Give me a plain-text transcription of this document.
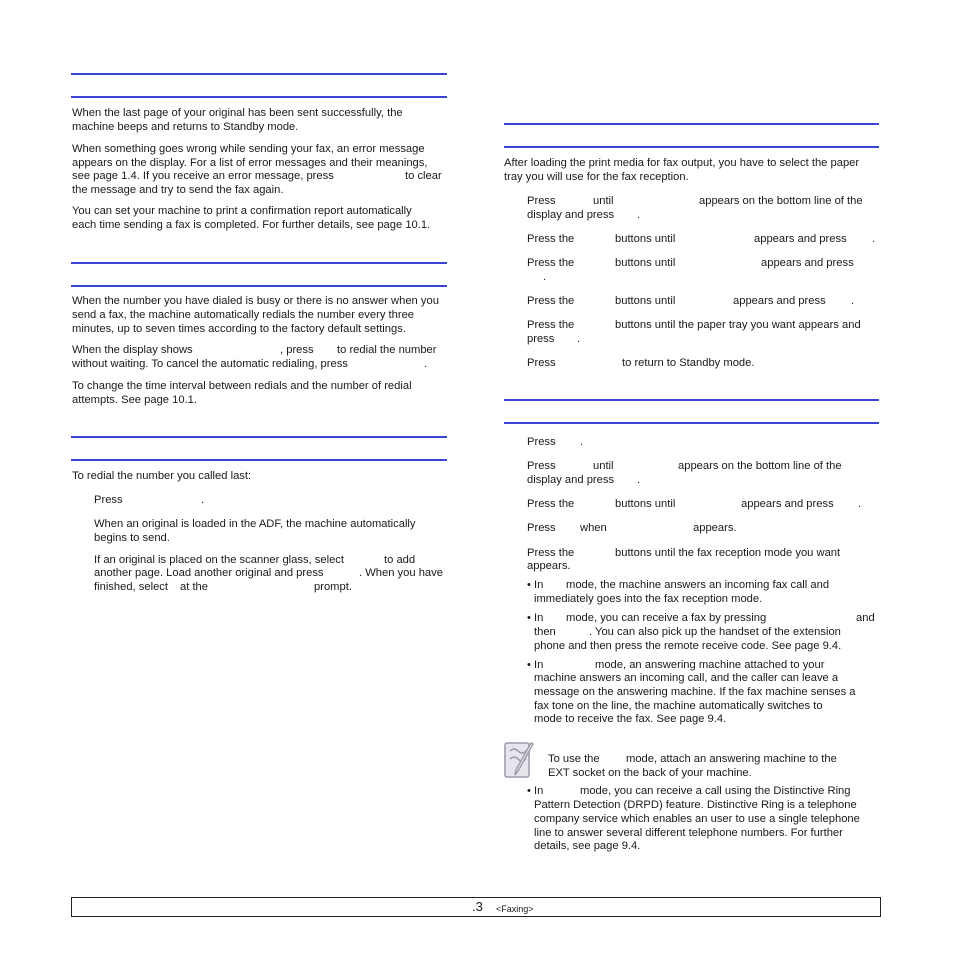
When the last page of your original has been sent successfully, the

machine beeps and returns to Standby mode.

When something goes wrong while sending your fax, an error message

appears on the display. For a list of error messages and their meanings,

see page 1.4. If you receive an error message, press	to clear

the message and try to send the fax again.

You can set your machine to print a confirmation report automatically

each time sending a fax is completed. For further details, see page 10.1.

When the number you have dialed is busy or there is no answer when you

send a fax, the machine automatically redials the number every three

minutes, up to seven times according to the factory default settings.

When the display shows	, press to redial the number

without waiting. To cancel the automatic redialing, press	.

To change the time interval between redials and the number of redial

attempts. See page 10.1.

To redial the number you called last:

Press	.

When an original is loaded in the ADF, the machine automatically

begins to send.

If an original is placed on the scanner glass, select	to add

another page. Load another original and press	. When you have

finished, select at the	prompt.

After loading the print media for fax output, you have to select the paper

tray you will use for the fax reception.

Press	until	appears on the bottom line of the

display and press .

Press the	buttons until	appears and press .

Press the	buttons until	appears and press

.

Press the	buttons until	appears and press .

Press the	buttons until the paper tray you want appears and

press .

Press	to return to Standby mode.

Press .

Press	until	appears on the bottom line of the

display and press .

Press the	buttons until	appears and press .

Press when	appears.

Press the	buttons until the fax reception mode you want

appears.

• In mode, the machine answers an incoming fax call and

immediately goes into the fax reception mode.

• In mode, you can receive a fax by pressing	and

then	. You can also pick up the handset of the extension

phone and then press the remote receive code. See page 9.4.

• In	mode, an answering machine attached to your

machine answers an incoming call, and the caller can leave a

message on the answering machine. If the fax machine senses a

fax tone on the line, the machine automatically switches to

mode to receive the fax. See page 9.4.

To use the mode, attach an answering machine to the

EXT socket on the back of your machine.

• In	mode, you can receive a call using the Distinctive Ring

Pattern Detection (DRPD) feature. Distinctive Ring is a telephone

company service which enables an user to use a single telephone

line to answer several different telephone numbers. For further

details, see page 9.4.

.3 <Faxing>
